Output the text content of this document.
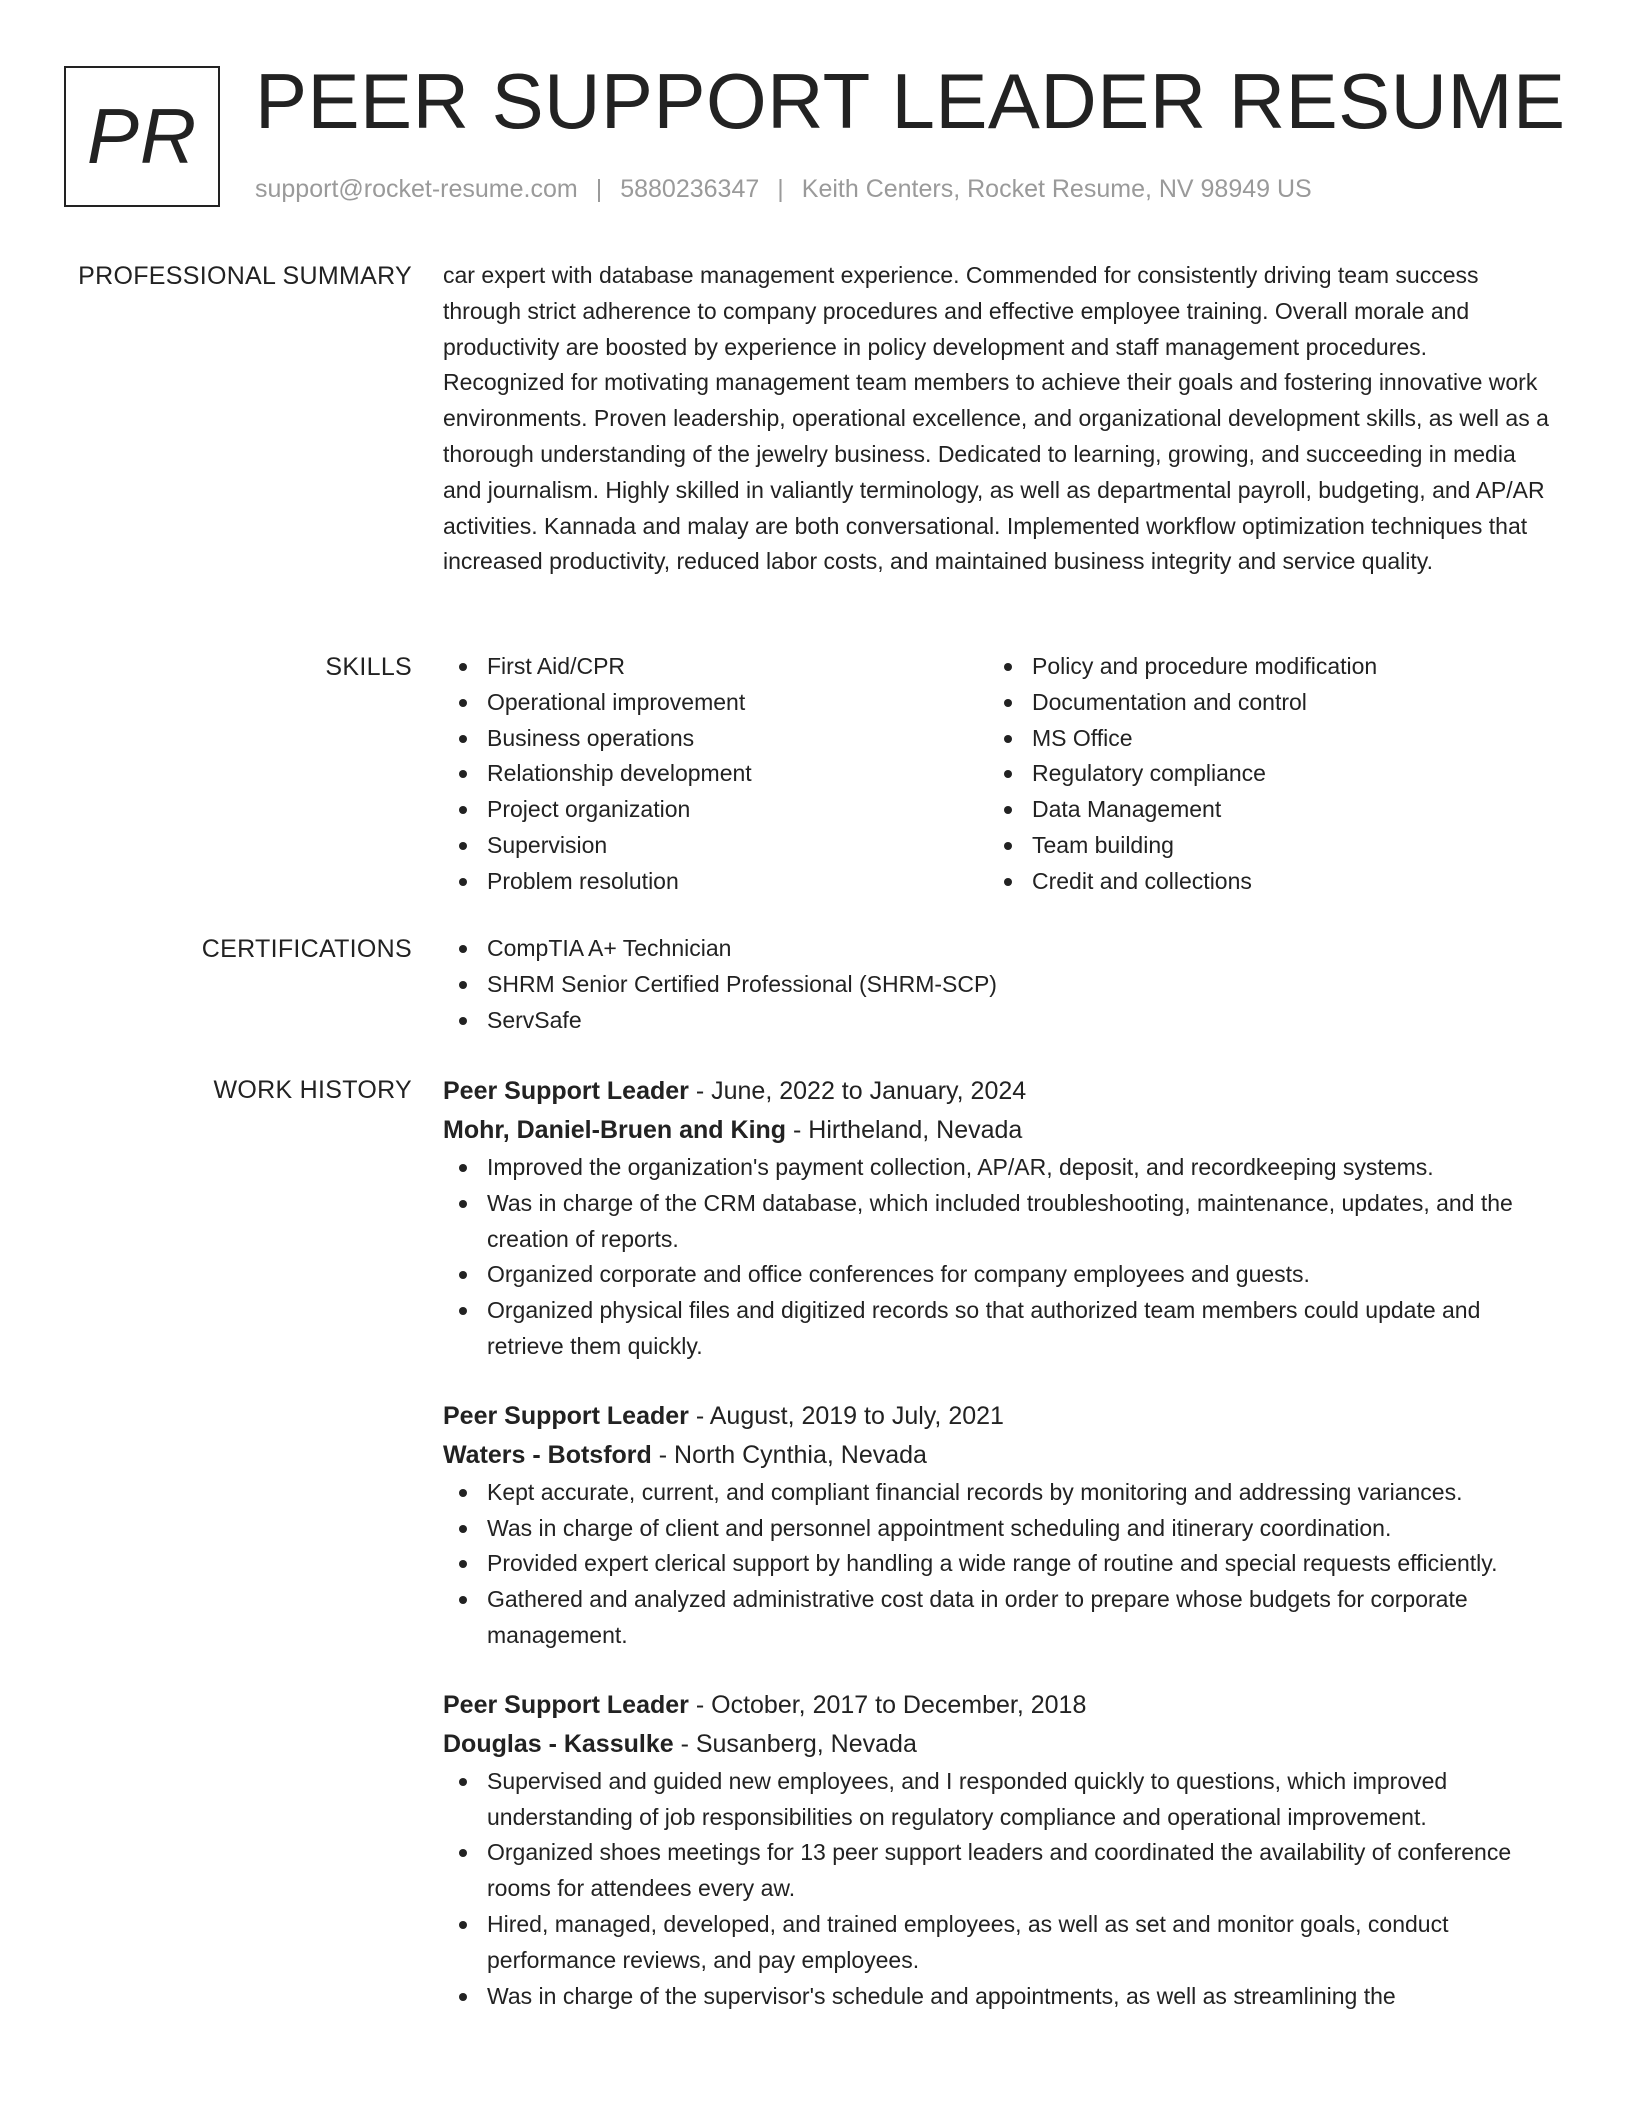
PR PEER SUPPORT LEADER RESUME
support@rocket-resume.com | 5880236347 | Keith Centers, Rocket Resume, NV 98949 US
PROFESSIONAL SUMMARY car expert with database management experience. Commended for consistently driving team success through strict adherence to company procedures and effective employee training. Overall morale and productivity are boosted by experience in policy development and staff management procedures. Recognized for motivating management team members to achieve their goals and fostering innovative work environments. Proven leadership, operational excellence, and organizational development skills, as well as a thorough understanding of the jewelry business. Dedicated to learning, growing, and succeeding in media and journalism. Highly skilled in valiantly terminology, as well as departmental payroll, budgeting, and AP/AR activities. Kannada and malay are both conversational. Implemented workflow optimization techniques that increased productivity, reduced labor costs, and maintained business integrity and service quality.

SKILLS	First Aid/CPR
Operational improvement
Business operations
Relationship development
Project organization
Supervision
Problem resolution
Policy and procedure modification
Documentation and control
MS Office
Regulatory compliance
Data Management
Team building
Credit and collections
CERTIFICATIONS	CompTIA A+ Technician
SHRM Senior Certified Professional (SHRM-SCP)
ServSafe
WORK HISTORY Peer Support Leader - June, 2022 to January, 2024
Mohr, Daniel-Bruen and King - Hirtheland, Nevada
Improved the organization's payment collection, AP/AR, deposit, and recordkeeping systems.
Was in charge of the CRM database, which included troubleshooting, maintenance, updates, and the creation of reports.
Organized corporate and office conferences for company employees and guests.
Organized physical files and digitized records so that authorized team members could update and retrieve them quickly.
Peer Support Leader - August, 2019 to July, 2021
Waters - Botsford - North Cynthia, Nevada
Kept accurate, current, and compliant financial records by monitoring and addressing variances.
Was in charge of client and personnel appointment scheduling and itinerary coordination.
Provided expert clerical support by handling a wide range of routine and special requests efficiently.
Gathered and analyzed administrative cost data in order to prepare whose budgets for corporate management.
Peer Support Leader - October, 2017 to December, 2018
Douglas - Kassulke - Susanberg, Nevada
Supervised and guided new employees, and I responded quickly to questions, which improved understanding of job responsibilities on regulatory compliance and operational improvement.
Organized shoes meetings for 13 peer support leaders and coordinated the availability of conference rooms for attendees every aw.
Hired, managed, developed, and trained employees, as well as set and monitor goals, conduct performance reviews, and pay employees.
Was in charge of the supervisor's schedule and appointments, as well as streamlining the
